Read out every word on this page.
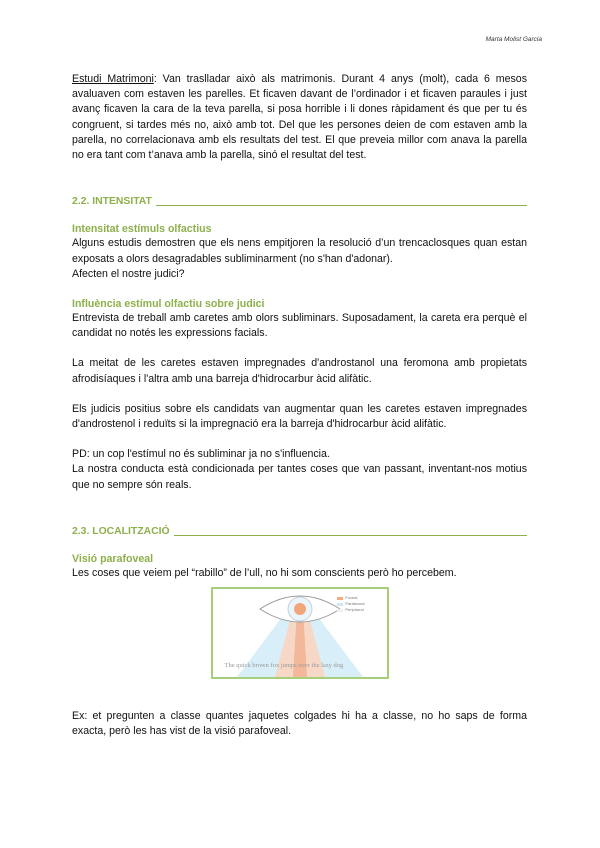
Marta Molist Garcia

Estudi Matrimoni: Van traslladar això als matrimonis. Durant 4 anys (molt), cada 6 mesos avaluaven com estaven les parelles. Et ficaven davant de l’ordinador i et ficaven paraules i just avanç ficaven la cara de la teva parella, si posa horrible i li dones ràpidament és que per tu és congruent, si tardes més no, això amb tot. Del que les persones deien de com estaven amb la parella, no correlacionava amb els resultats del test. El que preveia millor com anava la parella no era tant com t’anava amb la parella, sinó el resultat del test.

2.2. INTENSITAT
Intensitat estímuls olfactius

Alguns estudis demostren que els nens empitjoren la resolució d’un trencaclosques quan estan exposats a olors desagradables subliminarment (no s'han d'adonar).

Afecten el nostre judici?

Influència estímul olfactiu sobre judici

Entrevista de treball amb caretes amb olors subliminars. Suposadament, la careta era perquè el candidat no notés les expressions facials.

La meitat de les caretes estaven impregnades d'androstanol una feromona amb propietats afrodisíaques i l'altra amb una barreja d'hidrocarbur àcid alifàtic.

Els judicis positius sobre els candidats van augmentar quan les caretes estaven impregnades d'androstenol i reduïts si la impregnació era la barreja d'hidrocarbur àcid alifàtic.

PD: un cop l'estímul no és subliminar ja no s'influencia.

La nostra conducta està condicionada per tantes coses que van passant, inventant-nos motius que no sempre són reals.

2.3. LOCALITZACIÓ
Visió parafoveal

Les coses que veiem pel “rabillo” de l’ull, no hi som conscients però ho percebem.

Foveal
Parafoveal
Peripheral
The quick brown fox jumps over the lazy dog

Ex: et pregunten a classe quantes jaquetes colgades hi ha a classe, no ho saps de forma exacta, però les has vist de la visió parafoveal.
